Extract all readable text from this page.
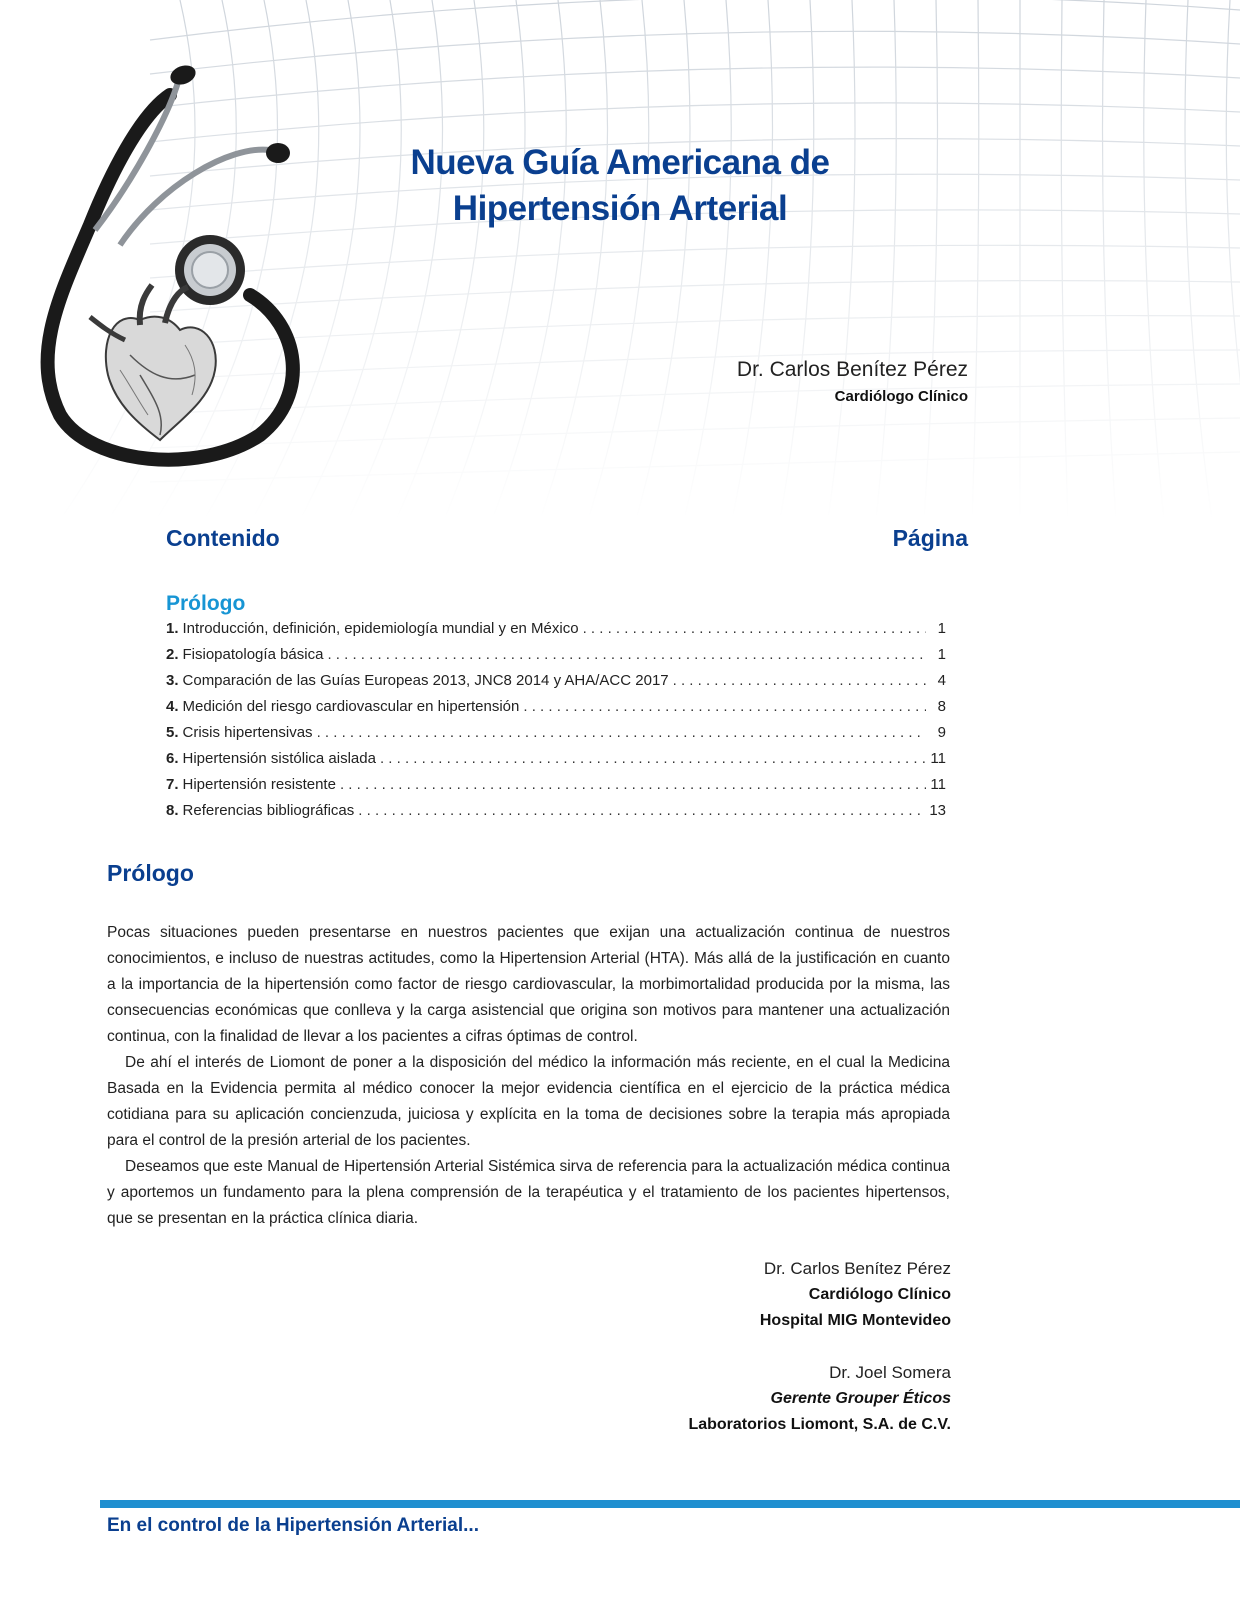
Nueva Guía Americana de
Hipertensión Arterial
Dr. Carlos Benítez Pérez
Cardiólogo Clínico
Contenido	Página
Prólogo
1. Introducción, definición, epidemiología mundial y en México . . .	1
2. Fisiopatología básica . . .	1
3. Comparación de las Guías Europeas 2013, JNC8 2014 y AHA/ACC 2017 . . .	4
4. Medición del riesgo cardiovascular en hipertensión . . .	8
5. Crisis hipertensivas . . .	9
6. Hipertensión sistólica aislada . . .	11
7. Hipertensión resistente . . .	11
8. Referencias bibliográficas . . .	13
Prólogo

Pocas situaciones pueden presentarse en nuestros pacientes que exijan una actualización continua de nuestros conocimientos, e incluso de nuestras actitudes, como la Hipertension Arterial (HTA). Más allá de la justificación en cuanto a la importancia de la hipertensión como factor de riesgo cardiovascular, la morbimortalidad producida por la misma, las consecuencias económicas que conlleva y la carga asistencial que origina son motivos para mantener una actualización continua, con la finalidad de llevar a los pacientes a cifras óptimas de control.

De ahí el interés de Liomont de poner a la disposición del médico la información más reciente, en el cual la Medicina Basada en la Evidencia permita al médico conocer la mejor evidencia científica en el ejercicio de la práctica médica cotidiana para su aplicación concienzuda, juiciosa y explícita en la toma de decisiones sobre la terapia más apropiada para el control de la presión arterial de los pacientes.

Deseamos que este Manual de Hipertensión Arterial Sistémica sirva de referencia para la actualización médica continua y aportemos un fundamento para la plena comprensión de la terapéutica y el tratamiento de los pacientes hipertensos, que se presentan en la práctica clínica diaria.

Dr. Carlos Benítez Pérez
Cardiólogo Clínico
Hospital MIG Montevideo
Dr. Joel Somera
Gerente Grouper Éticos
Laboratorios Liomont, S.A. de C.V.
En el control de la Hipertensión Arterial...
